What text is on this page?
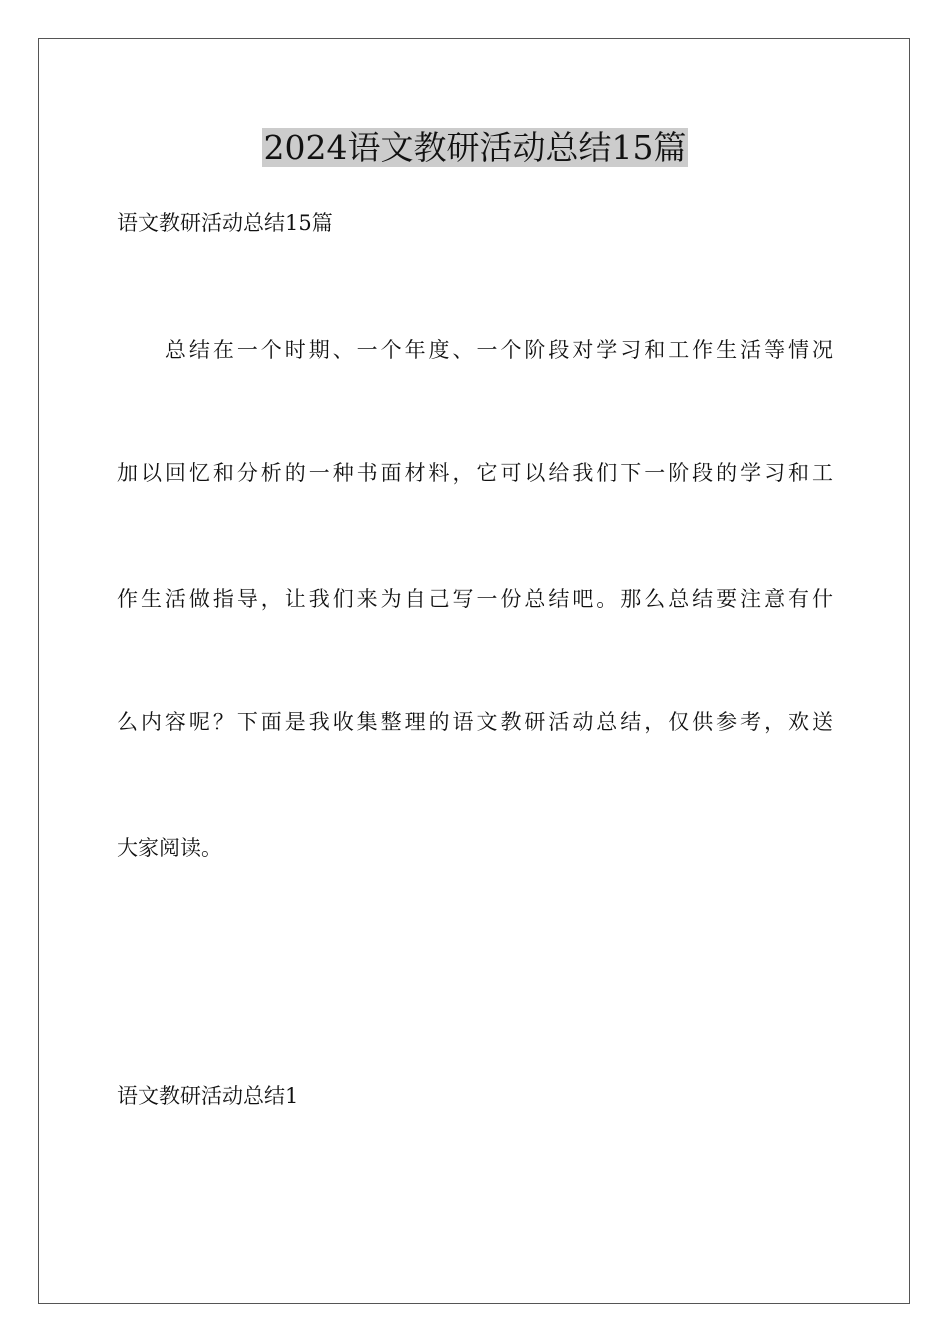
2024语文教研活动总结15篇
语文教研活动总结15篇
　　总结在一个时期、一个年度、一个阶段对学习和工作生活等情况
加以回忆和分析的一种书面材料，它可以给我们下一阶段的学习和工
作生活做指导，让我们来为自己写一份总结吧。那么总结要注意有什
么内容呢？下面是我收集整理的语文教研活动总结，仅供参考，欢送
大家阅读。
语文教研活动总结1
